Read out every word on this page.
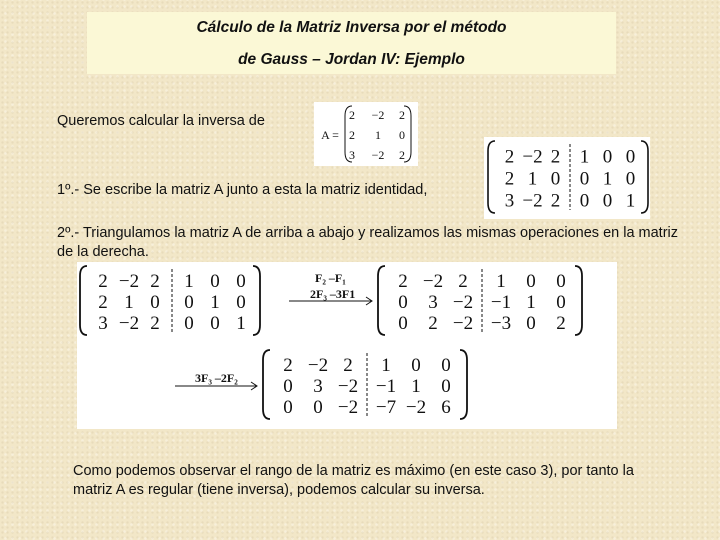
Cálculo de la Matriz Inversa por el método
de Gauss – Jordan IV: Ejemplo
Queremos calcular la inversa de
A =
2 −2 2
2 1 0
3 −2 2	2
2
3
−2
1
−2
2
0
2
1
0
0
0
1
0
0
0
1
1º.- Se escribe la matriz A junto a esta la matriz identidad,
2º.- Triangulamos la matriz A de arriba a abajo y realizamos las mismas operaciones en la matriz de la derecha.
2
2
3
−2
1
−2
2
0
2
1
0
0
0
1
0
0
0
1
F₂ –F₁
2F₃ –3F1
2
0
0
−2
3
2
2
−2
−2
1
−1
−3
0
1
0
0
0
2
3F₃ –2F₂
2
0
0
−2
3
0
2
−2
−2
1
−1
−7
0
1
−2
0
0
6
Como podemos observar el rango de la matriz es máximo (en este caso 3), por tanto la matriz A es regular (tiene inversa), podemos calcular su inversa.
